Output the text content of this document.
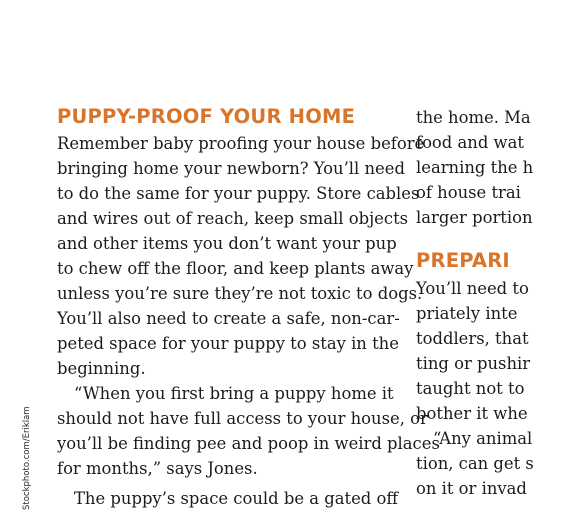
Stockphoto.com/Erikl​am
PUPPY-PROOF YOUR HOME
Remember baby proofing your house before
bringing home your newborn? You’ll need
to do the same for your puppy. Store cables
and wires out of reach, keep small objects
and other items you don’t want your pup
to chew off the floor, and keep plants away
unless you’re sure they’re not toxic to dogs.
You’ll also need to create a safe, non-car-
peted space for your puppy to stay in the
beginning.
“When you first bring a puppy home it
should not have full access to your house, or
you’ll be finding pee and poop in weird places
for months,” says Jones.
The puppy’s space could be a gated off
the home. Ma
food and wat
learning the h
of house trai
larger portion
PREPARI
You’ll need to
priately inte
toddlers, that
ting or pushir
taught not to
bother it whe
“Any animal
tion, can get s
on it or invad
